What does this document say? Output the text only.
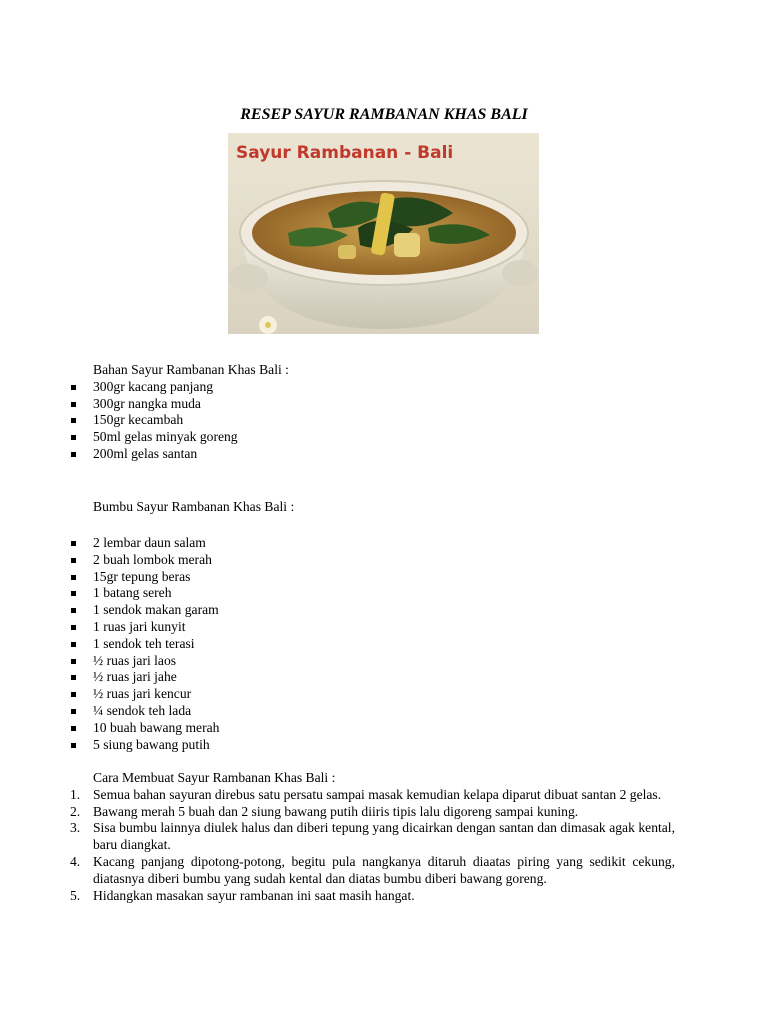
RESEP SAYUR RAMBANAN KHAS BALI
Sayur Rambanan - Bali
Bahan Sayur Rambanan Khas Bali :
300gr kacang panjang
300gr nangka muda
150gr kecambah
50ml gelas minyak goreng
200ml gelas santan
Bumbu Sayur Rambanan Khas Bali :
2 lembar daun salam
2 buah lombok merah
15gr tepung beras
1 batang sereh
1 sendok makan garam
1 ruas jari kunyit
1 sendok teh terasi
½ ruas jari laos
½ ruas jari jahe
½ ruas jari kencur
¼ sendok teh lada
10 buah bawang merah
5 siung bawang putih
Cara Membuat Sayur Rambanan Khas Bali :
1. Semua bahan sayuran direbus satu persatu sampai masak kemudian kelapa diparut dibuat santan 2 gelas.
2. Bawang merah 5 buah dan 2 siung bawang putih diiris tipis lalu digoreng sampai kuning.
3. Sisa bumbu lainnya diulek halus dan diberi tepung yang dicairkan dengan santan dan dimasak agak kental, baru diangkat.
4. Kacang panjang dipotong-potong, begitu pula nangkanya ditaruh diaatas piring yang sedikit cekung, diatasnya diberi bumbu yang sudah kental dan diatas bumbu diberi bawang goreng.
5. Hidangkan masakan sayur rambanan ini saat masih hangat.
